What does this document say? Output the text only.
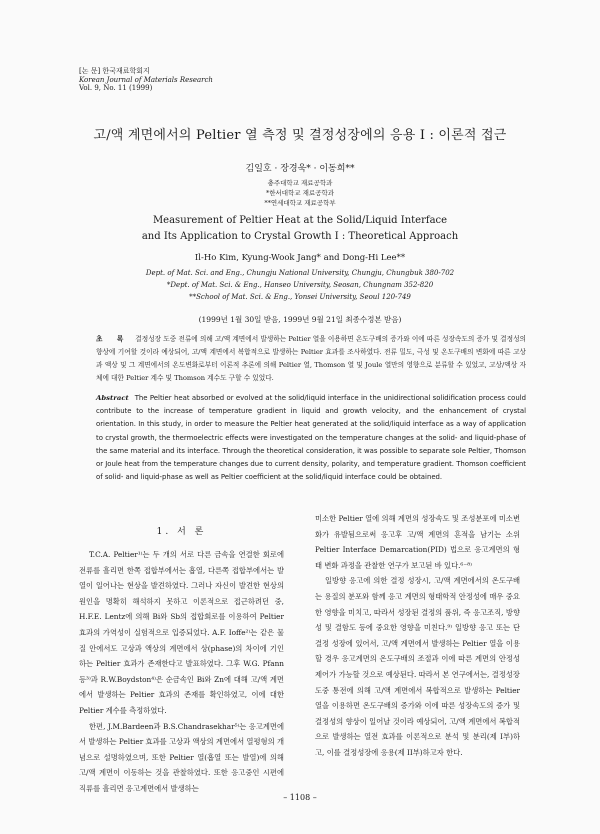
[논 문] 한국재료학회지
Korean Journal of Materials Research
Vol. 9, No. 11 (1999)
고/액 계면에서의 Peltier 열 측정 및 결정성장에의 응용 I : 이론적 접근
김일호 · 장경욱* · 이동희**
충주대학교 재료공학과
*한서대학교 재료공학과
**연세대학교 재료공학부
Measurement of Peltier Heat at the Solid/Liquid Interface
and Its Application to Crystal Growth I : Theoretical Approach
Il-Ho Kim, Kyung-Wook Jang* and Dong-Hi Lee**
Dept. of Mat. Sci. and Eng., Chungju National University, Chungju, Chungbuk 380-702
*Dept. of Mat. Sci. & Eng., Hanseo University, Seosan, Chungnam 352-820
**School of Mat. Sci. & Eng., Yonsei University, Seoul 120-749
(1999년 1월 30일 받음, 1999년 9월 21일 최종수정본 받음)
초 록 결정성장 도중 전류에 의해 고/액 계면에서 발생하는 Peltier 열을 이용하면 온도구배의 증가와 이에 따른 성장속도의 증가 및 결정성의 향상에 기여할 것이라 예상되어, 고/액 계면에서 복합적으로 발생하는 Peltier 효과를 조사하였다. 전류 밀도, 극성 및 온도구배의 변화에 따른 고상과 액상 및 그 계면에서의 온도변화로부터 이론적 추론에 의해 Peltier 열, Thomson 열 및 Joule 열만의 영향으로 분류할 수 있었고, 고상/액상 자체에 대한 Peltier 계수 및 Thomson 계수도 구할 수 있었다.
Abstract The Peltier heat absorbed or evolved at the solid/liquid interface in the unidirectional solidification process could contribute to the increase of temperature gradient in liquid and growth velocity, and the enhancement of crystal orientation. In this study, in order to measure the Peltier heat generated at the solid/liquid interface as a way of application to crystal growth, the thermoelectric effects were investigated on the temperature changes at the solid- and liquid-phase of the same material and its interface. Through the theoretical consideration, it was possible to separate sole Peltier, Thomson or Joule heat from the temperature changes due to current density, polarity, and temperature gradient. Thomson coefficient of solid- and liquid-phase as well as Peltier coefficient at the solid/liquid interface could be obtained.
1. 서 론

T.C.A. Peltier¹⁾는 두 개의 서로 다른 금속을 연결한 회로에 전류를 흘리면 한쪽 접합부에서는 흡열, 다른쪽 접합부에서는 발열이 일어나는 현상을 발견하였다. 그러나 자신이 발견한 현상의 원인을 명확히 해석하지 못하고 이론적으로 접근하려던 중, H.F.E. Lentz에 의해 Bi와 Sb의 접합회로를 이용하여 Peltier 효과의 가역성이 실험적으로 입증되었다. A.F. Ioffe²⁾는 같은 물질 안에서도 고상과 액상의 계면에서 상(phase)의 차이에 기인하는 Peltier 효과가 존재한다고 발표하였다. 그후 W.G. Pfann 등³⁾과 R.W.Boydston⁴⁾은 순금속인 Bi와 Zn에 대해 고/액 계면에서 발생하는 Peltier 효과의 존재를 확인하였고, 이에 대한 Peltier 계수를 측정하였다.

한편, J.M.Bardeen과 B.S.Chandrasekhar⁵⁾는 응고계면에서 발생하는 Peltier 효과를 고상과 액상의 계면에서 열평형의 개념으로 설명하였으며, 또한 Peltier 열(흡열 또는 발열)에 의해 고/액 계면이 이동하는 것을 관찰하였다. 또한 응고중인 시편에 직류를 흘리면 응고계면에서 발생하는

미소한 Peltier 열에 의해 계면의 성장속도 및 조성분포에 미소변화가 유발됨으로써 응고후 고/액 계면의 흔적을 남기는 소위 Peltier Interface Demarcation(PID) 법으로 응고계면의 형태 변화 과정을 관찰한 연구가 보고된 바 있다.⁶⁻⁸⁾

일방향 응고에 의한 결정 성장시, 고/액 계면에서의 온도구배는 용질의 분포와 함께 응고 계면의 형태학적 안정성에 매우 중요한 영향을 미치고, 따라서 성장된 결정의 품위, 즉 응고조직, 방향성 및 결함도 등에 중요한 영향을 미친다.⁹⁾ 일방향 응고 또는 단결정 성장에 있어서, 고/액 계면에서 발생하는 Peltier 열을 이용할 경우 응고계면의 온도구배의 조절과 이에 따른 계면의 안정성 제어가 가능할 것으로 예상된다. 따라서 본 연구에서는, 결정성장 도중 통전에 의해 고/액 계면에서 복합적으로 발생하는 Peltier 열을 이용하면 온도구배의 증가와 이에 따른 성장속도의 증가 및 결정성의 향상이 일어날 것이라 예상되어, 고/액 계면에서 복합적으로 발생하는 열전 효과를 이론적으로 분석 및 분리(제 I부)하고, 이를 결정성장에 응용(제 II부)하고자 한다.

– 1108 –
